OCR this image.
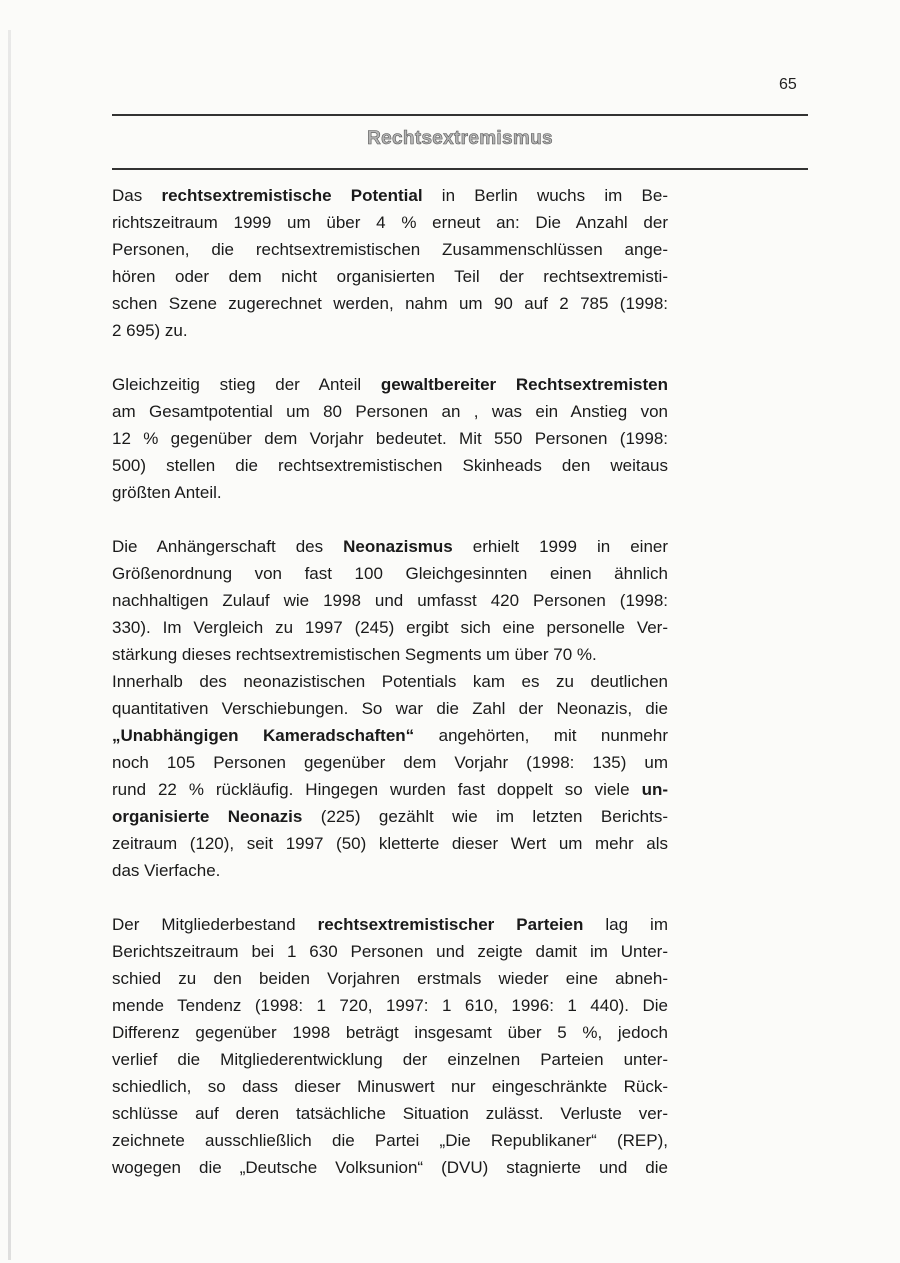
65
Rechtsextremismus
Das rechtsextremistische Potential in Berlin wuchs im Be-
richtszeitraum 1999 um über 4 % erneut an: Die Anzahl der
Personen, die rechtsextremistischen Zusammenschlüssen ange-
hören oder dem nicht organisierten Teil der rechtsextremisti-
schen Szene zugerechnet werden, nahm um 90 auf 2 785 (1998:
2 695) zu.
Gleichzeitig stieg der Anteil gewaltbereiter Rechtsextremisten
am Gesamtpotential um 80 Personen an , was ein Anstieg von
12 % gegenüber dem Vorjahr bedeutet. Mit 550 Personen (1998:
500) stellen die rechtsextremistischen Skinheads den weitaus
größten Anteil.
Die Anhängerschaft des Neonazismus erhielt 1999 in einer
Größenordnung von fast 100 Gleichgesinnten einen ähnlich
nachhaltigen Zulauf wie 1998 und umfasst 420 Personen (1998:
330). Im Vergleich zu 1997 (245) ergibt sich eine personelle Ver-
stärkung dieses rechtsextremistischen Segments um über 70 %.
Innerhalb des neonazistischen Potentials kam es zu deutlichen
quantitativen Verschiebungen. So war die Zahl der Neonazis, die
„Unabhängigen Kameradschaften“ angehörten, mit nunmehr
noch 105 Personen gegenüber dem Vorjahr (1998: 135) um
rund 22 % rückläufig. Hingegen wurden fast doppelt so viele un-
organisierte Neonazis (225) gezählt wie im letzten Berichts-
zeitraum (120), seit 1997 (50) kletterte dieser Wert um mehr als
das Vierfache.
Der Mitgliederbestand rechtsextremistischer Parteien lag im
Berichtszeitraum bei 1 630 Personen und zeigte damit im Unter-
schied zu den beiden Vorjahren erstmals wieder eine abneh-
mende Tendenz (1998: 1 720, 1997: 1 610, 1996: 1 440). Die
Differenz gegenüber 1998 beträgt insgesamt über 5 %, jedoch
verlief die Mitgliederentwicklung der einzelnen Parteien unter-
schiedlich, so dass dieser Minuswert nur eingeschränkte Rück-
schlüsse auf deren tatsächliche Situation zulässt. Verluste ver-
zeichnete ausschließlich die Partei „Die Republikaner“ (REP),
wogegen die „Deutsche Volksunion“ (DVU) stagnierte und die
